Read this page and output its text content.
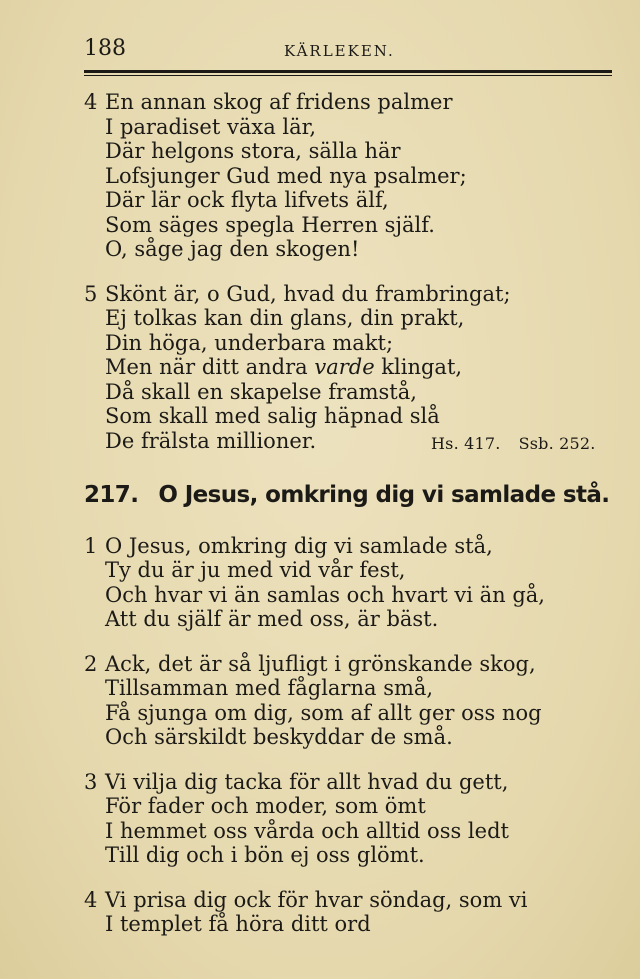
188	KÄRLEKEN.
4 En annan skog af fridens palmer
I paradiset växa lär,
Där helgons stora, sälla här
Lofsjunger Gud med nya psalmer;
Där lär ock flyta lifvets älf,
Som säges spegla Herren själf.
O, såge jag den skogen!
5 Skönt är, o Gud, hvad du frambringat;
Ej tolkas kan din glans, din prakt,
Din höga, underbara makt;
Men när ditt andra varde klingat,
Då skall en skapelse framstå,
Som skall med salig häpnad slå
De frälsta millioner.	Hs. 417. Ssb. 252.
217. O Jesus, omkring dig vi samlade stå.
1 O Jesus, omkring dig vi samlade stå,
Ty du är ju med vid vår fest,
Och hvar vi än samlas och hvart vi än gå,
Att du själf är med oss, är bäst.
2 Ack, det är så ljufligt i grönskande skog,
Tillsamman med fåglarna små,
Få sjunga om dig, som af allt ger oss nog
Och särskildt beskyddar de små.
3 Vi vilja dig tacka för allt hvad du gett,
För fader och moder, som ömt
I hemmet oss vårda och alltid oss ledt
Till dig och i bön ej oss glömt.
4 Vi prisa dig ock för hvar söndag, som vi
I templet få höra ditt ord
